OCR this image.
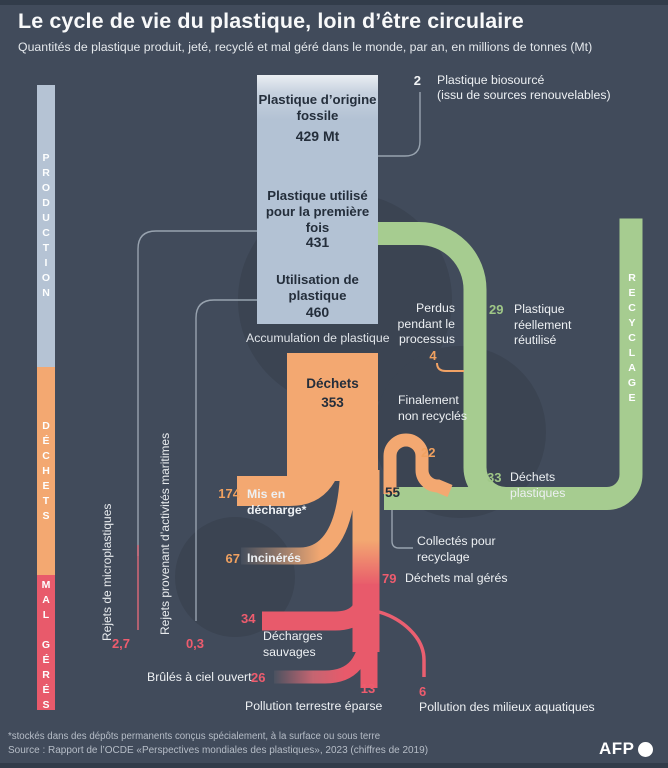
Le cycle de vie du plastique, loin d’être circulaire
Quantités de plastique produit, jeté, recyclé et mal géré dans le monde, par an, en millions de tonnes (Mt)
PRODUCTION
DÉCHETS
MAL GÉRÉS
RECYCLAGE
Plastique d’origine fossile
429 Mt
Plastique utilisé pour la première fois
431
Utilisation de plastique
460
2 Plastique biosourcé
(issu de sources renouvelables)
Accumulation de plastique
Perdus pendant le processus
4
29 Plastique réellement réutilisé
Déchets
353	Finalement non recyclés
22
55
Collectés pour recyclage
33 Déchets plastiques
174 Mis en décharge*
67 Incinérés
79 Déchets mal gérés
34
Décharges sauvages
Brûlés à ciel ouvert 26
13
Pollution terrestre éparse
6
Pollution des milieux aquatiques
Rejets de microplastiques	Rejets provenant d’activités maritimes
2,7	0,3
*stockés dans des dépôts permanents conçus spécialement, à la surface ou sous terre
Source : Rapport de l’OCDE «Perspectives mondiales des plastiques», 2023 (chiffres de 2019)	AFP
